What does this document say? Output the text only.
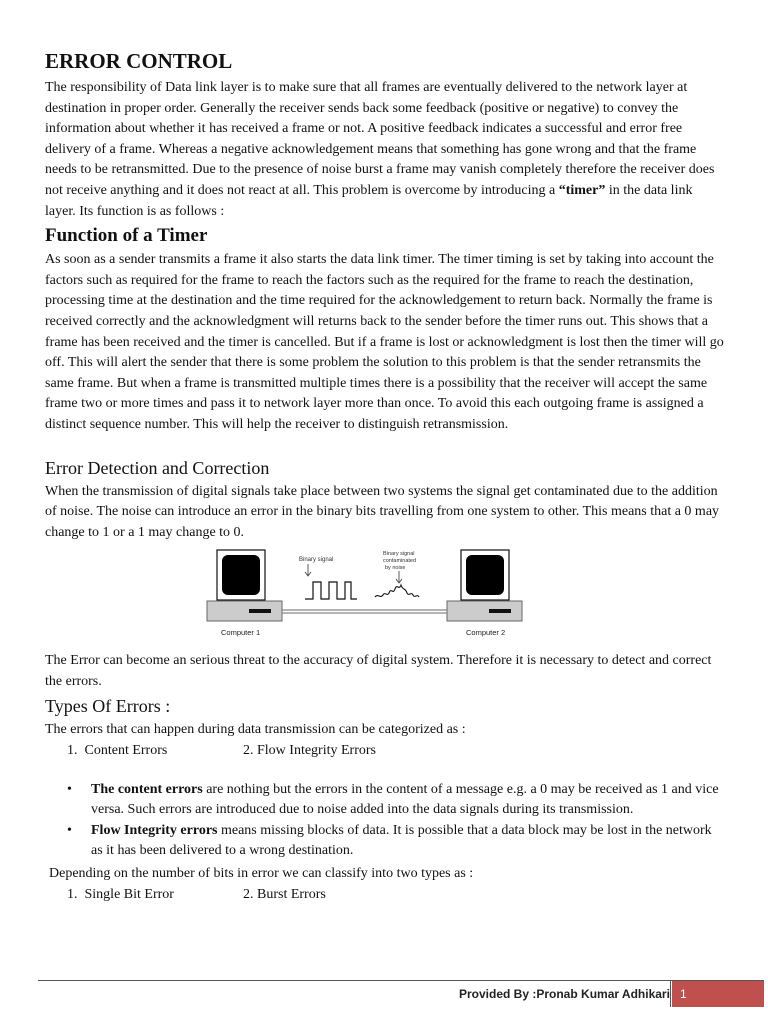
ERROR CONTROL

The responsibility of Data link layer is to make sure that all frames are eventually delivered to the network layer at destination in proper order. Generally the receiver sends back some feedback (positive or negative) to convey the information about whether it has received a frame or not. A positive feedback indicates a successful and error free delivery of a frame. Whereas a negative acknowledgement means that something has gone wrong and that the frame needs to be retransmitted. Due to the presence of noise burst a frame may vanish completely therefore the receiver does not receive anything and it does not react at all. This problem is overcome by introducing a “timer” in the data link layer. Its function is as follows :

Function of a Timer

As soon as a sender transmits a frame it also starts the data link timer. The timer timing is set by taking into account the factors such as required for the frame to reach the factors such as the required for the frame to reach the destination, processing time at the destination and the time required for the acknowledgement to return back. Normally the frame is received correctly and the acknowledgment will returns back to the sender before the timer runs out. This shows that a frame has been received and the timer is cancelled. But if a frame is lost or acknowledgment is lost then the timer will go off. This will alert the sender that there is some problem the solution to this problem is that the sender retransmits the same frame. But when a frame is transmitted multiple times there is a possibility that the receiver will accept the same frame two or more times and pass it to network layer more than once. To avoid this each outgoing frame is assigned a distinct sequence number. This will help the receiver to distinguish retransmission.

Error Detection and Correction

When the transmission of digital signals take place between two systems the signal get contaminated due to the addition of noise. The noise can introduce an error in the binary bits travelling from one system to other. This means that a 0 may change to 1 or a 1 may change to 0.

Binary signal
Binary signal
contaminated
by noise
Computer 1	Computer 2

The Error can become an serious threat to the accuracy of digital system. Therefore it is necessary to detect and correct the errors.

Types Of Errors :

The errors that can happen during data transmission can be categorized as :

1. Content Errors	2. Flow Integrity Errors
• The content errors are nothing but the errors in the content of a message e.g. a 0 may be received as 1 and vice versa. Such errors are introduced due to noise added into the data signals during its transmission.
• Flow Integrity errors means missing blocks of data. It is possible that a data block may be lost in the network as it has been delivered to a wrong destination.

Depending on the number of bits in error we can classify into two types as :

1. Single Bit Error	2. Burst Errors
Provided By :Pronab Kumar Adhikari 1
